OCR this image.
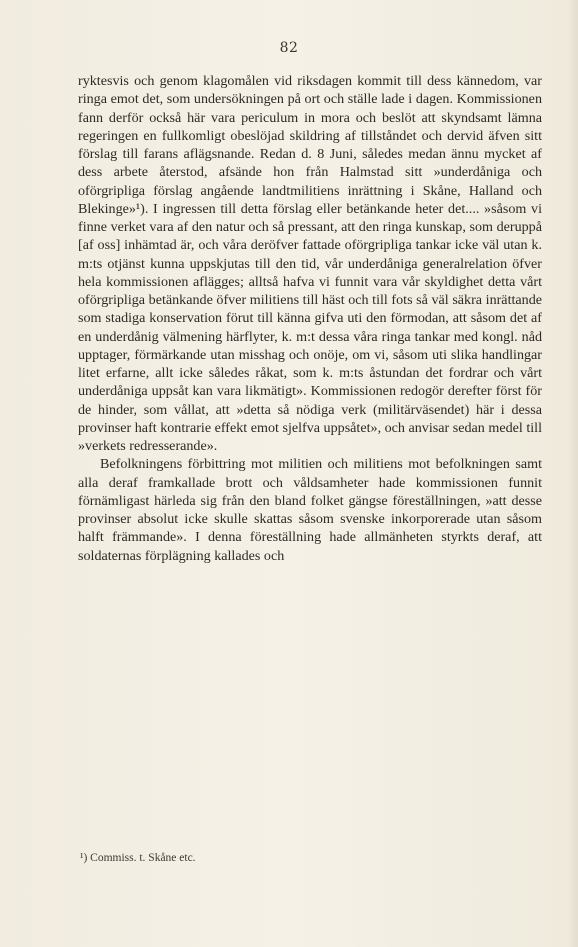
82

ryktesvis och genom klagomålen vid riksdagen kommit till dess kännedom, var ringa emot det, som undersökningen på ort och ställe lade i dagen. Kommissionen fann derför också här vara periculum in mora och beslöt att skyndsamt lämna regeringen en fullkomligt obeslöjad skildring af tillståndet och dervid äfven sitt förslag till farans aflägsnande. Redan d. 8 Juni, således medan ännu mycket af dess arbete återstod, afsände hon från Halmstad sitt »underdåniga och oförgripliga förslag angående landtmilitiens inrättning i Skåne, Halland och Blekinge»¹). I ingressen till detta förslag eller betänkande heter det.... »såsom vi finne verket vara af den natur och så pressant, att den ringa kunskap, som deruppå [af oss] inhämtad är, och våra deröfver fattade oförgripliga tankar icke väl utan k. m:ts otjänst kunna uppskjutas till den tid, vår underdåniga generalrelation öfver hela kommissionen aflägges; alltså hafva vi funnit vara vår skyldighet detta vårt oförgripliga betänkande öfver militiens till häst och till fots så väl säkra inrättande som stadiga konservation förut till känna gifva uti den förmodan, att såsom det af en underdånig välmening härflyter, k. m:t dessa våra ringa tankar med kongl. nåd upptager, förmärkande utan misshag och onöje, om vi, såsom uti slika handlingar litet erfarne, allt icke således råkat, som k. m:ts åstundan det fordrar och vårt underdåniga uppsåt kan vara likmätigt». Kommissionen redogör derefter först för de hinder, som vållat, att »detta så nödiga verk (militärväsendet) här i dessa provinser haft kontrarie effekt emot sjelfva uppsåtet», och anvisar sedan medel till »verkets redresserande».

Befolkningens förbittring mot militien och militiens mot befolkningen samt alla deraf framkallade brott och våldsamheter hade kommissionen funnit förnämligast härleda sig från den bland folket gängse föreställningen, »att desse provinser absolut icke skulle skattas såsom svenske inkorporerade utan såsom halft främmande». I denna föreställning hade allmänheten styrkts deraf, att soldaternas förplägning kallades och

¹) Commiss. t. Skåne etc.
